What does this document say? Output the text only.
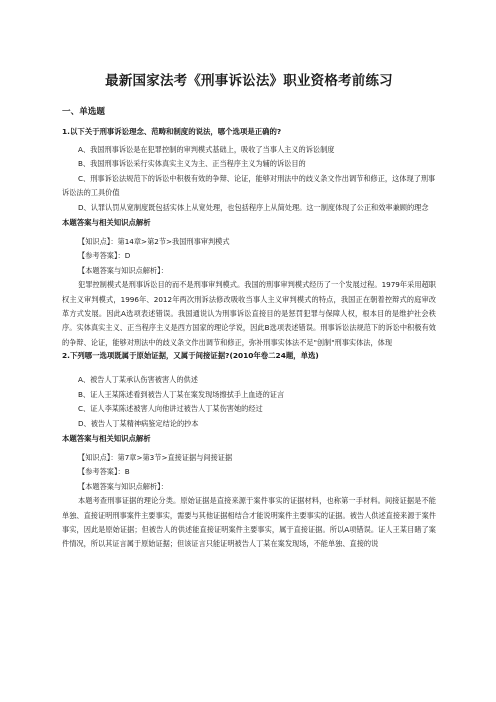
最新国家法考《刑事诉讼法》职业资格考前练习
一、单选题
1.以下关于刑事诉讼理念、范畴和制度的说法，哪个选项是正确的?

A、我国刑事诉讼是在犯罪控制的审判模式基础上，吸收了当事人主义的诉讼制度

B、我国刑事诉讼采行实体真实主义为主、正当程序主义为辅的诉讼目的

C、刑事诉讼法规范下的诉讼中积极有效的争辩、论证，能够对刑法中的歧义条文作出调节和修正，这体现了刑事诉讼法的工具价值

D、认罪认罚从宽制度既包括实体上从宽处理，也包括程序上从简处理。这一制度体现了公正和效率兼顾的理念

本题答案与相关知识点解析

【知识点】：第14章>第2节>我国刑事审判模式

【参考答案】：D

【本题答案与知识点解析】：

犯罪控制模式是刑事诉讼目的而不是刑事审判模式。我国的刑事审判模式经历了一个发展过程。1979年采用超职权主义审判模式，1996年、2012年两次刑诉法修改吸收当事人主义审判模式的特点，我国正在朝着控辩式的庭审改革方式发展。因此A选项表述错误。我国通说认为刑事诉讼直接目的是惩罚犯罪与保障人权，根本目的是维护社会秩序。实体真实主义、正当程序主义是西方国家的理论学说，因此B选项表述错误。刑事诉讼法规范下的诉讼中积极有效的争辩、论证，能够对刑法中的歧义条文作出调节和修正，弥补刑事实体法不足"创制"刑事实体法，体现

2.下列哪一选项既属于原始证据，又属于间接证据?(2010年卷二24题，单选)

A、被告人丁某承认伤害被害人的供述

B、证人王某陈述看到被告人丁某在案发现场擦拭手上血迹的证言

C、证人李某陈述被害人向他讲过被告人丁某伤害她的经过

D、被告人丁某精神病鉴定结论的抄本

本题答案与相关知识点解析

【知识点】：第7章>第3节>直接证据与间接证据

【参考答案】：B

【本题答案与知识点解析】：

本题考查刑事证据的理论分类。原始证据是直接来源于案件事实的证据材料，也称第一手材料。间接证据是不能单独、直接证明刑事案件主要事实，需要与其他证据相结合才能说明案件主要事实的证据。被告人供述直接来源于案件事实，因此是原始证据；但被告人的供述能直接证明案件主要事实，属于直接证据。所以A项错误。证人王某目睹了案件情况，所以其证言属于原始证据；但该证言只能证明被告人丁某在案发现场，不能单独、直接的说
